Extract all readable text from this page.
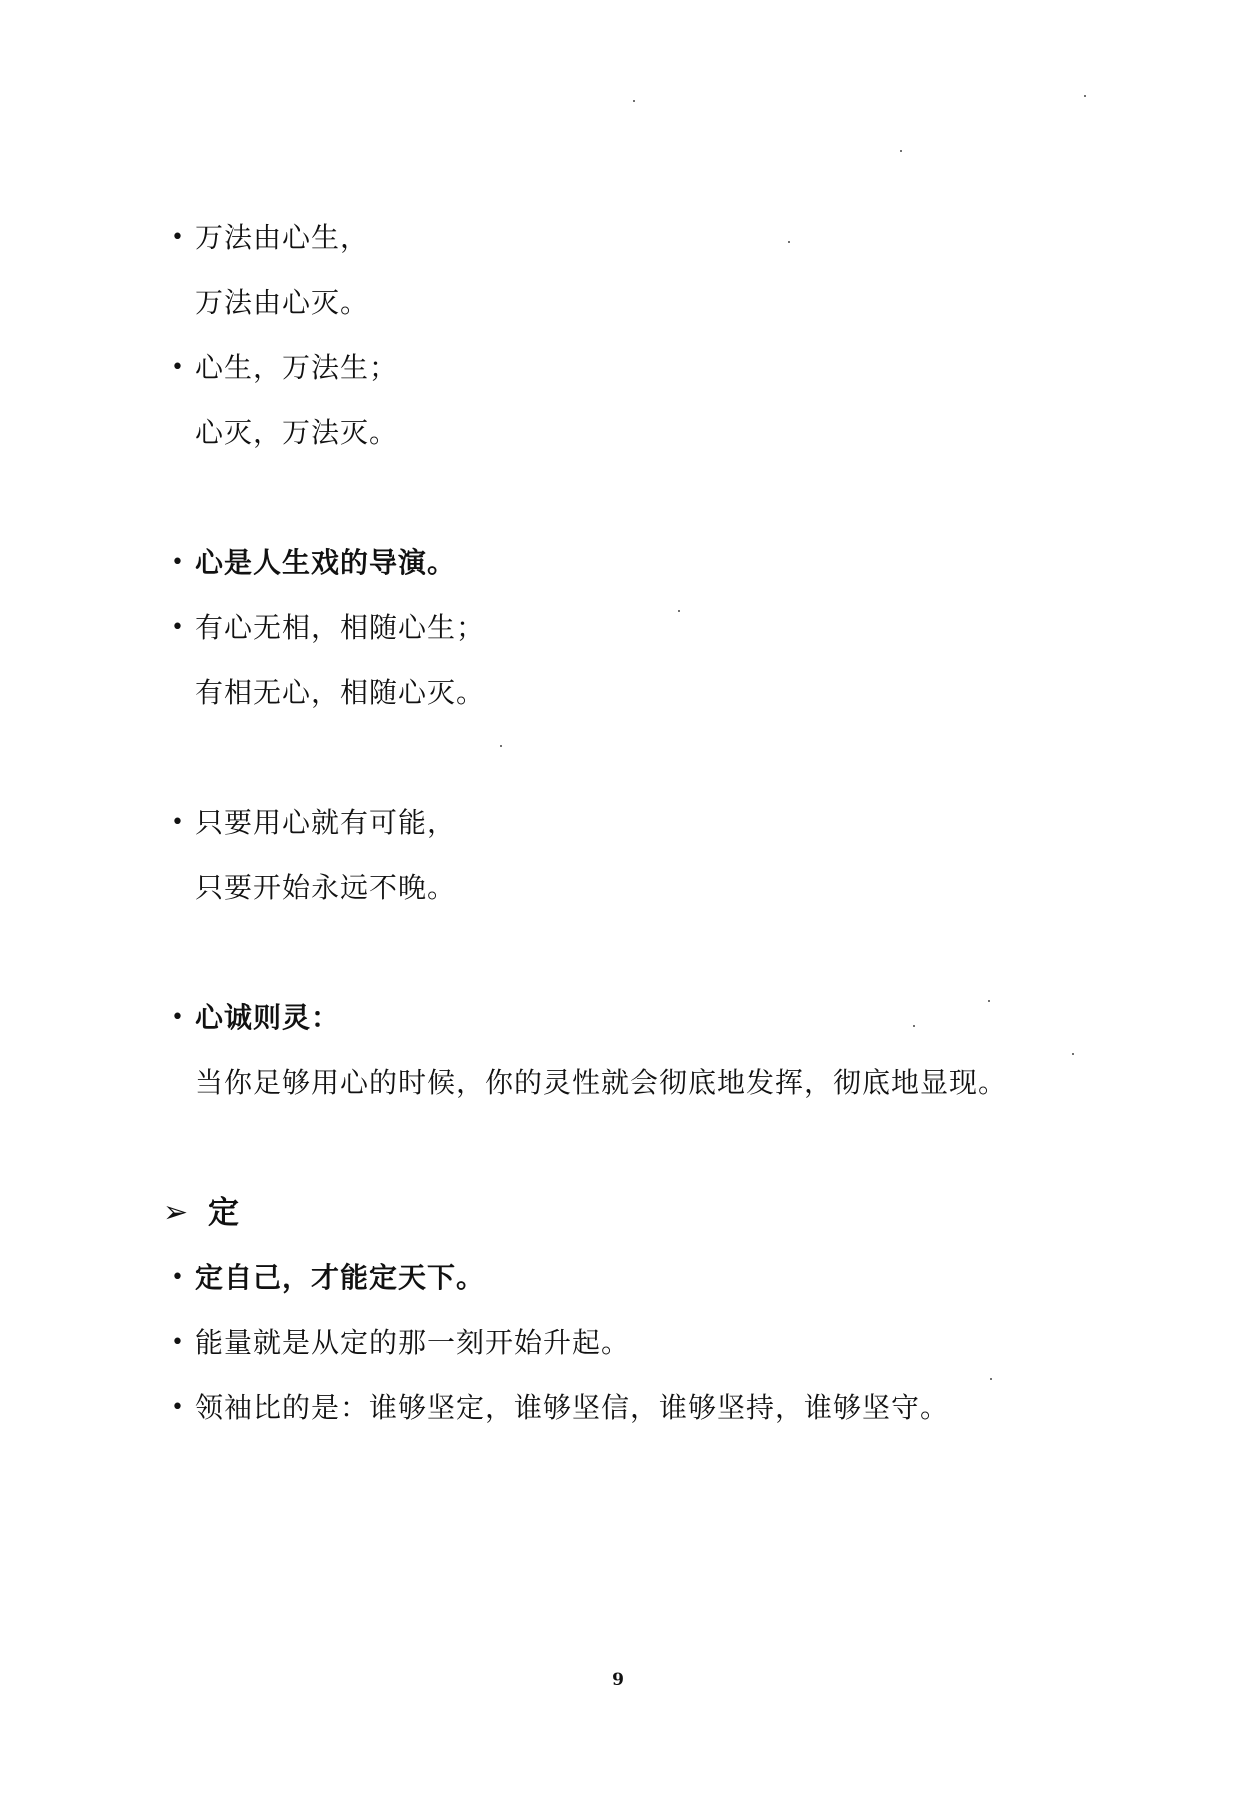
• 万法由心生，
万法由心灭。
• 心生，万法生；
心灭，万法灭。
• 心是人生戏的导演。
• 有心无相，相随心生；
有相无心，相随心灭。
• 只要用心就有可能，
只要开始永远不晚。
• 心诚则灵：
当你足够用心的时候，你的灵性就会彻底地发挥，彻底地显现。
➢ 定
• 定自己，才能定天下。
• 能量就是从定的那一刻开始升起。
• 领袖比的是：谁够坚定，谁够坚信，谁够坚持，谁够坚守。
9
